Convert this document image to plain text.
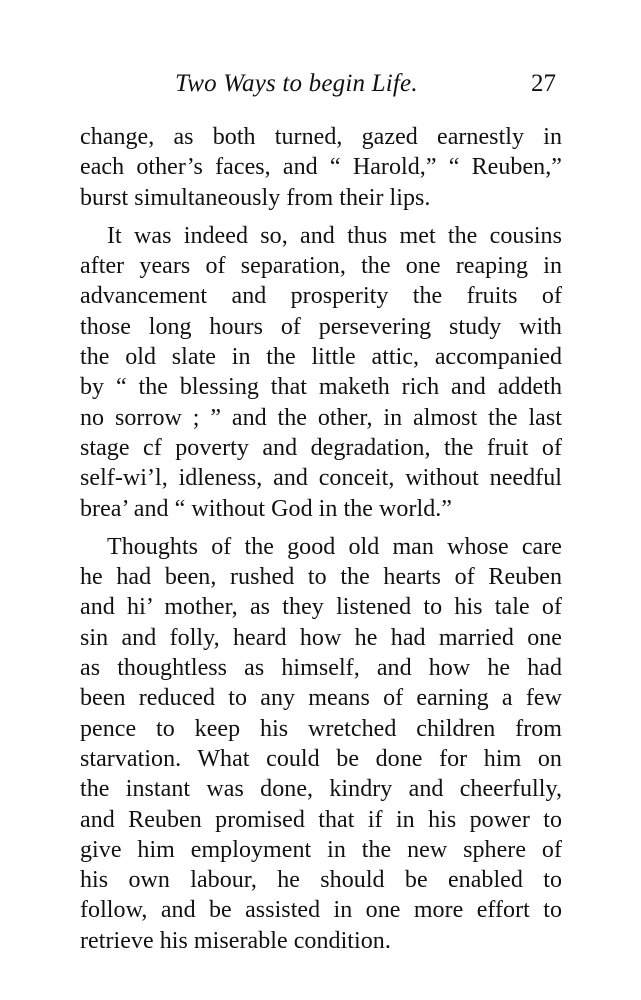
Two Ways to begin Life.	27
change, as both turned, gazed earnestly in
each other’s faces, and “ Harold,” “ Reuben,”
burst simultaneously from their lips.
It was indeed so, and thus met the cousins
after years of separation, the one reaping in
advancement and prosperity the fruits of
those long hours of persevering study with
the old slate in the little attic, accompanied
by “ the blessing that maketh rich and addeth
no sorrow ; ” and the other, in almost the last
stage cf poverty and degradation, the fruit of
self-wi’l, idleness, and conceit, without needful
brea’ and “ without God in the world.”
Thoughts of the good old man whose care
he had been, rushed to the hearts of Reuben
and hi’ mother, as they listened to his tale of
sin and folly, heard how he had married one
as thoughtless as himself, and how he had
been reduced to any means of earning a few
pence to keep his wretched children from
starvation. What could be done for him on
the instant was done, kindry and cheerfully,
and Reuben promised that if in his power to
give him employment in the new sphere of
his own labour, he should be enabled to
follow, and be assisted in one more effort to
retrieve his miserable condition.
